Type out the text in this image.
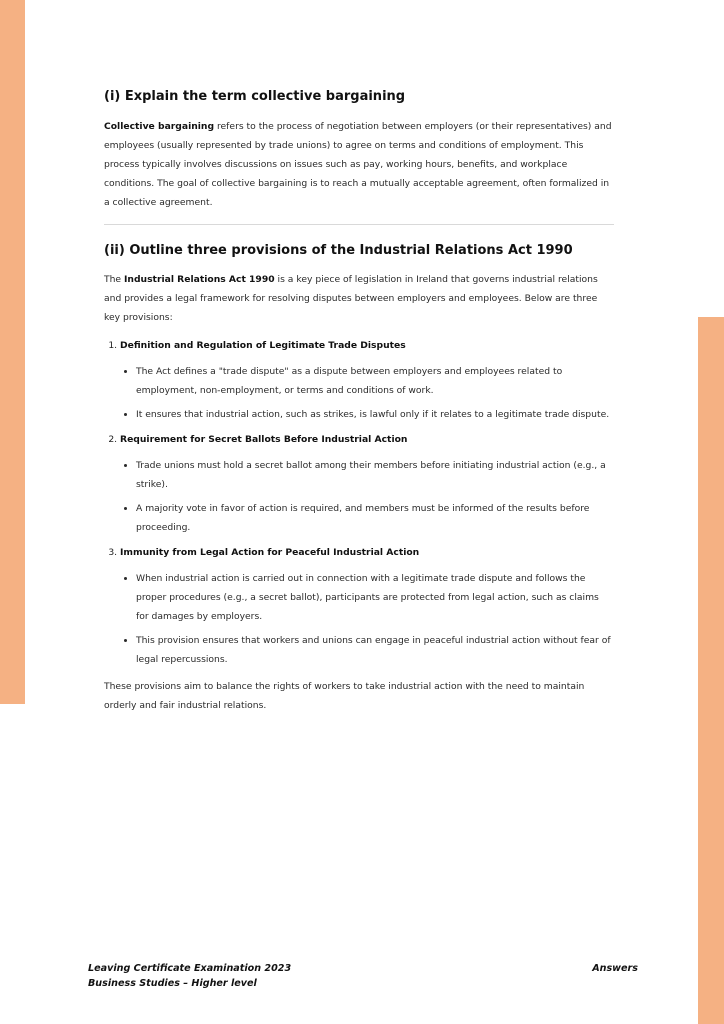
(i) Explain the term collective bargaining

Collective bargaining refers to the process of negotiation between employers (or their representatives) and employees (usually represented by trade unions) to agree on terms and conditions of employment. This process typically involves discussions on issues such as pay, working hours, benefits, and workplace conditions. The goal of collective bargaining is to reach a mutually acceptable agreement, often formalized in a collective agreement.

(ii) Outline three provisions of the Industrial Relations Act 1990

The Industrial Relations Act 1990 is a key piece of legislation in Ireland that governs industrial relations and provides a legal framework for resolving disputes between employers and employees. Below are three key provisions:

1. Definition and Regulation of Legitimate Trade Disputes
• The Act defines a "trade dispute" as a dispute between employers and employees related to employment, non-employment, or terms and conditions of work.
• It ensures that industrial action, such as strikes, is lawful only if it relates to a legitimate trade dispute.
2. Requirement for Secret Ballots Before Industrial Action
• Trade unions must hold a secret ballot among their members before initiating industrial action (e.g., a strike).
• A majority vote in favor of action is required, and members must be informed of the results before proceeding.
3. Immunity from Legal Action for Peaceful Industrial Action
• When industrial action is carried out in connection with a legitimate trade dispute and follows the proper procedures (e.g., a secret ballot), participants are protected from legal action, such as claims for damages by employers.
• This provision ensures that workers and unions can engage in peaceful industrial action without fear of legal repercussions.

These provisions aim to balance the rights of workers to take industrial action with the need to maintain orderly and fair industrial relations.

Leaving Certificate Examination 2023
Business Studies – Higher level
Answers
